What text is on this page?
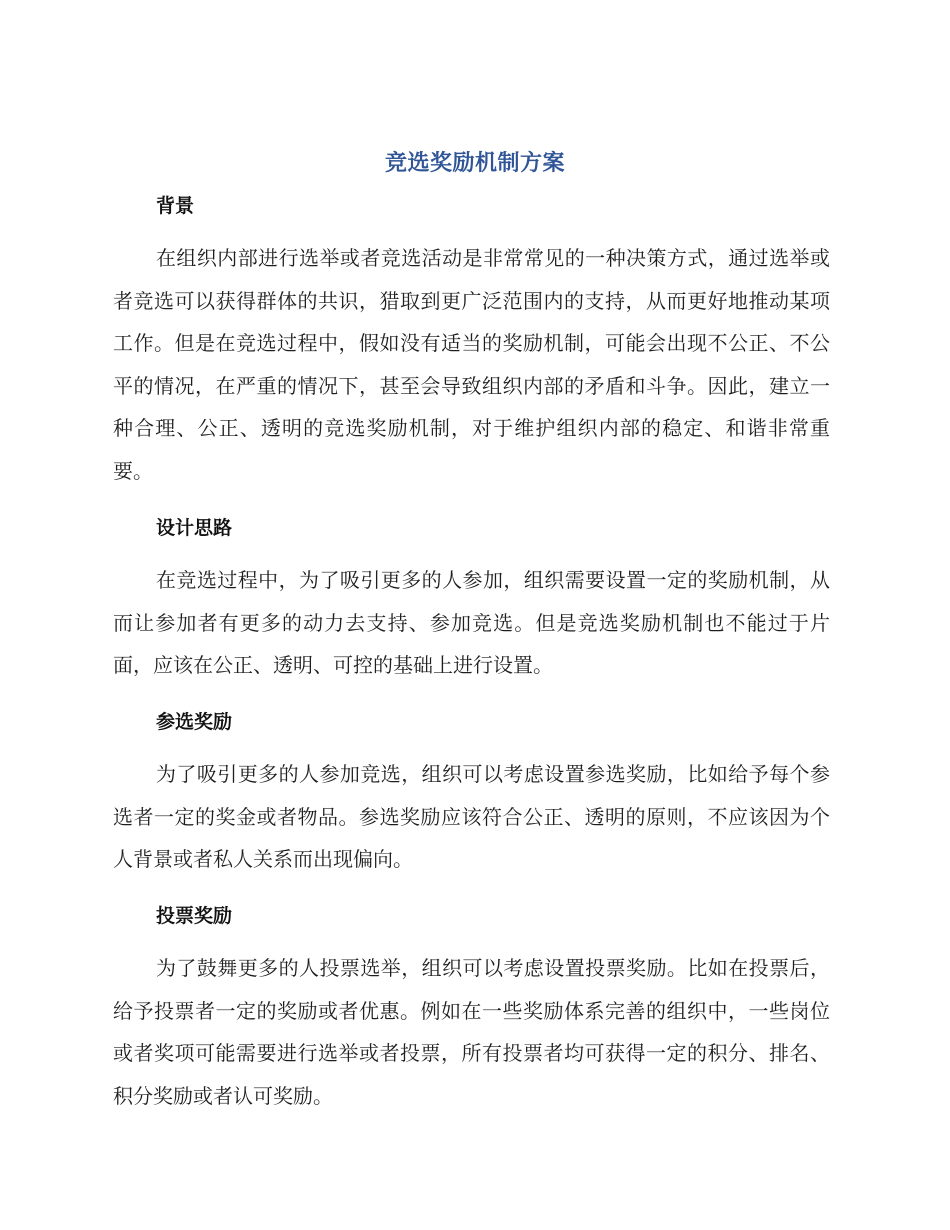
竞选奖励机制方案
背景
在组织内部进行选举或者竞选活动是非常常见的一种决策方式，通过选举或者竞选可以获得群体的共识，猎取到更广泛范围内的支持，从而更好地推动某项工作。但是在竞选过程中，假如没有适当的奖励机制，可能会出现不公正、不公平的情况，在严重的情况下，甚至会导致组织内部的矛盾和斗争。因此，建立一种合理、公正、透明的竞选奖励机制，对于维护组织内部的稳定、和谐非常重要。
设计思路
在竞选过程中，为了吸引更多的人参加，组织需要设置一定的奖励机制，从而让参加者有更多的动力去支持、参加竞选。但是竞选奖励机制也不能过于片面，应该在公正、透明、可控的基础上进行设置。
参选奖励
为了吸引更多的人参加竞选，组织可以考虑设置参选奖励，比如给予每个参选者一定的奖金或者物品。参选奖励应该符合公正、透明的原则，不应该因为个人背景或者私人关系而出现偏向。
投票奖励
为了鼓舞更多的人投票选举，组织可以考虑设置投票奖励。比如在投票后，给予投票者一定的奖励或者优惠。例如在一些奖励体系完善的组织中，一些岗位或者奖项可能需要进行选举或者投票，所有投票者均可获得一定的积分、排名、积分奖励或者认可奖励。
